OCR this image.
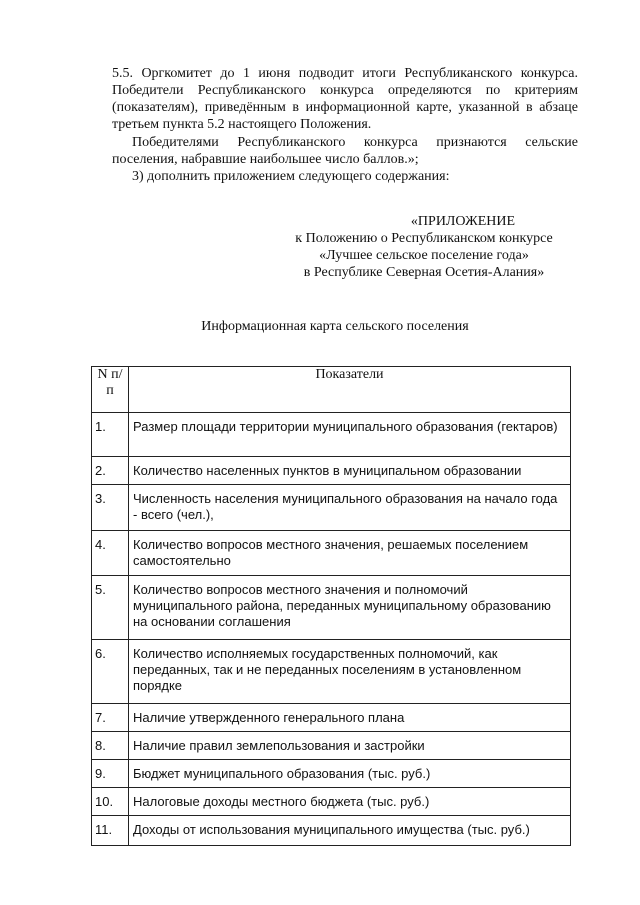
5.5. Оргкомитет до 1 июня подводит итоги Республиканского конкурса. Победители Республиканского конкурса определяются по критериям (показателям), приведённым в информационной карте, указанной в абзаце третьем пункта 5.2 настоящего Положения.
Победителями Республиканского конкурса признаются сельские поселения, набравшие наибольшее число баллов.»;
3) дополнить приложением следующего содержания:
«ПРИЛОЖЕНИЕ
к Положению о Республиканском конкурсе
«Лучшее сельское поселение года»
в Республике Северная Осетия-Алания»
Информационная карта сельского поселения
N п/п	Показатели
1.	Размер площади территории муниципального образования (гектаров)
2.	Количество населенных пунктов в муниципальном образовании
3.	Численность населения муниципального образования на начало года - всего (чел.),
4.	Количество вопросов местного значения, решаемых поселением самостоятельно
5.	Количество вопросов местного значения и полномочий муниципального района, переданных муниципальному образованию на основании соглашения
6.	Количество исполняемых государственных полномочий, как переданных, так и не переданных поселениям в установленном порядке
7.	Наличие утвержденного генерального плана
8.	Наличие правил землепользования и застройки
9.	Бюджет муниципального образования (тыс. руб.)
10.	Налоговые доходы местного бюджета (тыс. руб.)
11.	Доходы от использования муниципального имущества (тыс. руб.)
